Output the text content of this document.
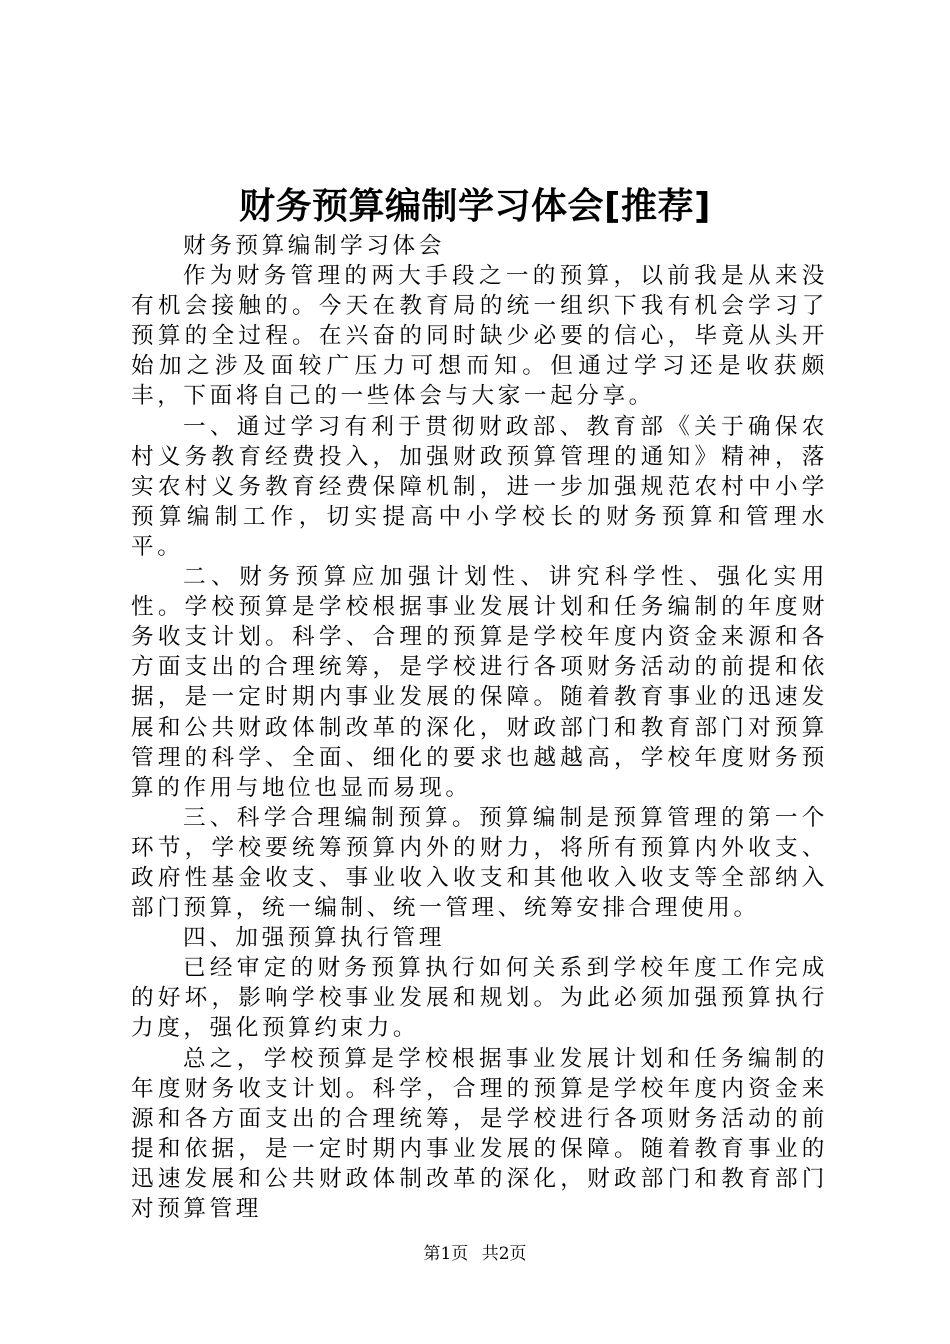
财务预算编制学习体会[推荐]

财务预算编制学习体会

作为财务管理的两大手段之一的预算，以前我是从来没有机会接触的。今天在教育局的统一组织下我有机会学习了预算的全过程。在兴奋的同时缺少必要的信心，毕竟从头开始加之涉及面较广压力可想而知。但通过学习还是收获颇丰，下面将自己的一些体会与大家一起分享。

一、通过学习有利于贯彻财政部、教育部《关于确保农村义务教育经费投入，加强财政预算管理的通知》精神，落实农村义务教育经费保障机制，进一步加强规范农村中小学预算编制工作，切实提高中小学校长的财务预算和管理水平。

二、财务预算应加强计划性、讲究科学性、强化实用性。学校预算是学校根据事业发展计划和任务编制的年度财务收支计划。科学、合理的预算是学校年度内资金来源和各方面支出的合理统筹，是学校进行各项财务活动的前提和依据，是一定时期内事业发展的保障。随着教育事业的迅速发展和公共财政体制改革的深化，财政部门和教育部门对预算管理的科学、全面、细化的要求也越越高，学校年度财务预算的作用与地位也显而易现。

三、科学合理编制预算。预算编制是预算管理的第一个环节，学校要统筹预算内外的财力，将所有预算内外收支、政府性基金收支、事业收入收支和其他收入收支等全部纳入部门预算，统一编制、统一管理、统筹安排合理使用。

四、加强预算执行管理

已经审定的财务预算执行如何关系到学校年度工作完成的好坏，影响学校事业发展和规划。为此必须加强预算执行力度，强化预算约束力。

总之，学校预算是学校根据事业发展计划和任务编制的年度财务收支计划。科学，合理的预算是学校年度内资金来源和各方面支出的合理统筹，是学校进行各项财务活动的前提和依据，是一定时期内事业发展的保障。随着教育事业的迅速发展和公共财政体制改革的深化，财政部门和教育部门对预算管理

第1页 共2页
